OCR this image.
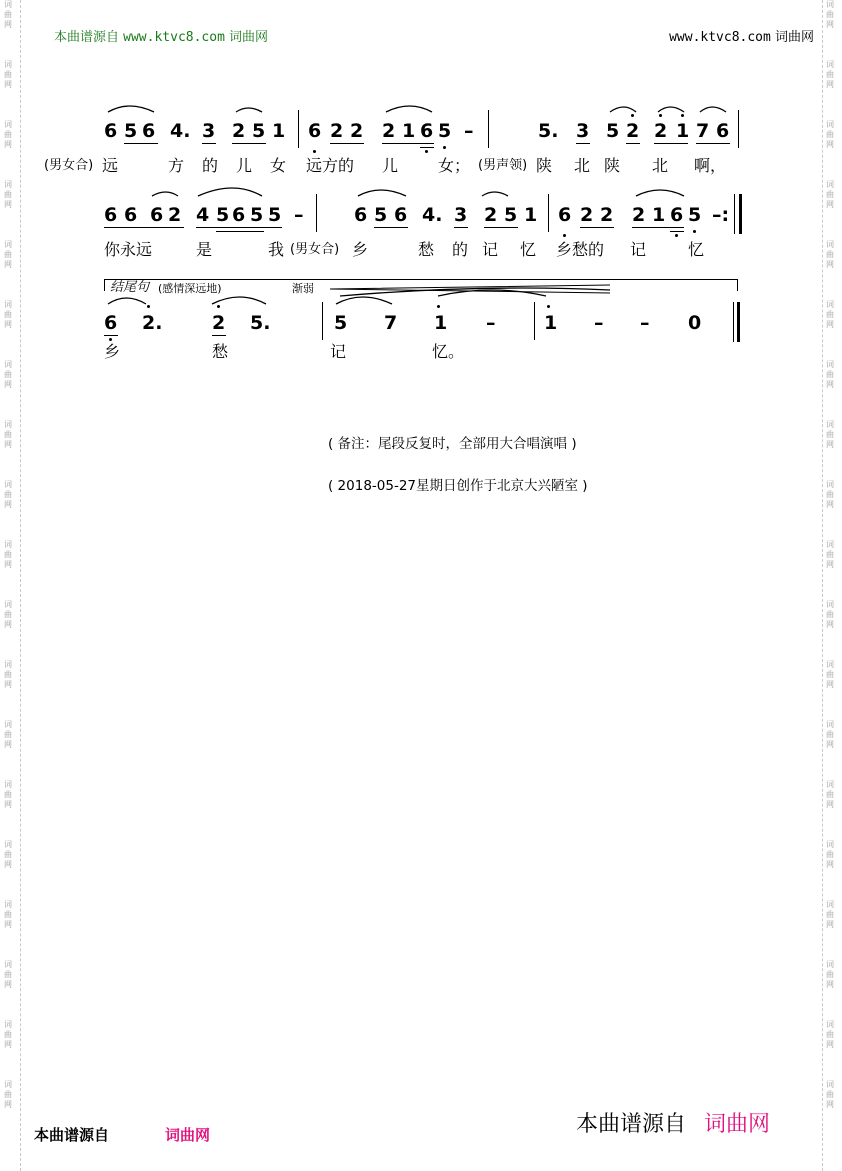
词曲网
词曲网
词曲网
词曲网
词曲网
词曲网
词曲网
词曲网
词曲网
词曲网
词曲网
词曲网
词曲网
词曲网
词曲网
词曲网
词曲网
词曲网
词曲网
词曲网
词曲网
词曲网
词曲网
词曲网
词曲网
词曲网
词曲网
词曲网
词曲网
词曲网
词曲网
词曲网
词曲网
词曲网
词曲网
词曲网
词曲网
词曲网
本曲谱源自 www.ktvc8.com 词曲网	www.ktvc8.com 词曲网
6 5 6 4. 3 2 5 1 6 2 2 2 1 6 5 –	5. 3 5 2 2 1 7 6
(男女合) 远	方 的 儿 女 远方的 儿 女； (男声领) 陕 北 陕 北 啊，
6 6 6 2 4 5 6 5 5 –	6 5 6 4. 3 2 5 1 6 2 2 2 1 6 5 –:
你永远	是	我 (男女合) 乡	愁 的 记 忆 乡愁的 记	忆
结尾句 (感情深远地)	渐弱
6 2.	2 5.	5 7 1 –	1 – – 0
乡	愁	记	忆。
( 备注：尾段反复时，全部用大合唱演唱 )
( 2018-05-27星期日创作于北京大兴陋室 )
本曲谱源自	词曲网	本曲谱源自 词曲网
